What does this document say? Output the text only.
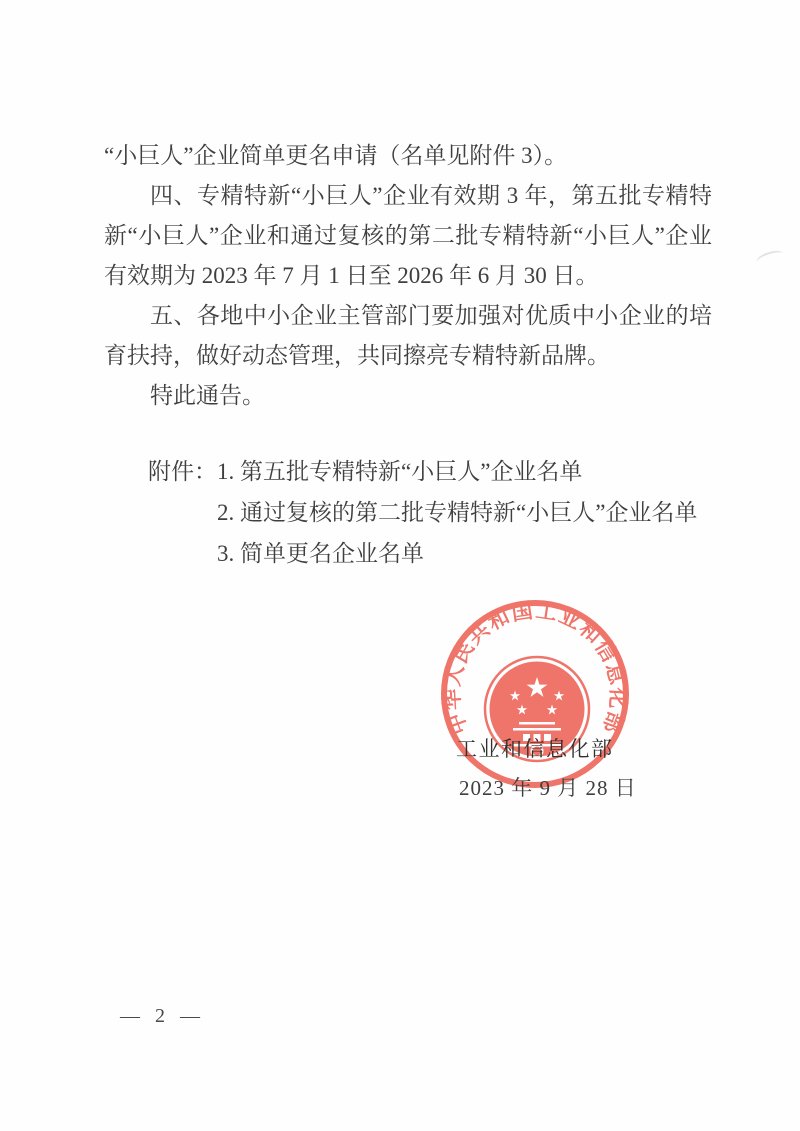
“小巨人”企业简单更名申请（名单见附件 3）。

四、专精特新“小巨人”企业有效期 3 年，第五批专精特新“小巨人”企业和通过复核的第二批专精特新“小巨人”企业有效期为 2023 年 7 月 1 日至 2026 年 6 月 30 日。

五、各地中小企业主管部门要加强对优质中小企业的培育扶持，做好动态管理，共同擦亮专精特新品牌。

特此通告。

附件： 1. 第五批专精特新“小巨人”企业名单
2. 通过复核的第二批专精特新“小巨人”企业名单
3. 简单更名企业名单
中华人民共和国工业和信息化部
工业和信息化部
2023 年 9 月 28 日
— 2 —
